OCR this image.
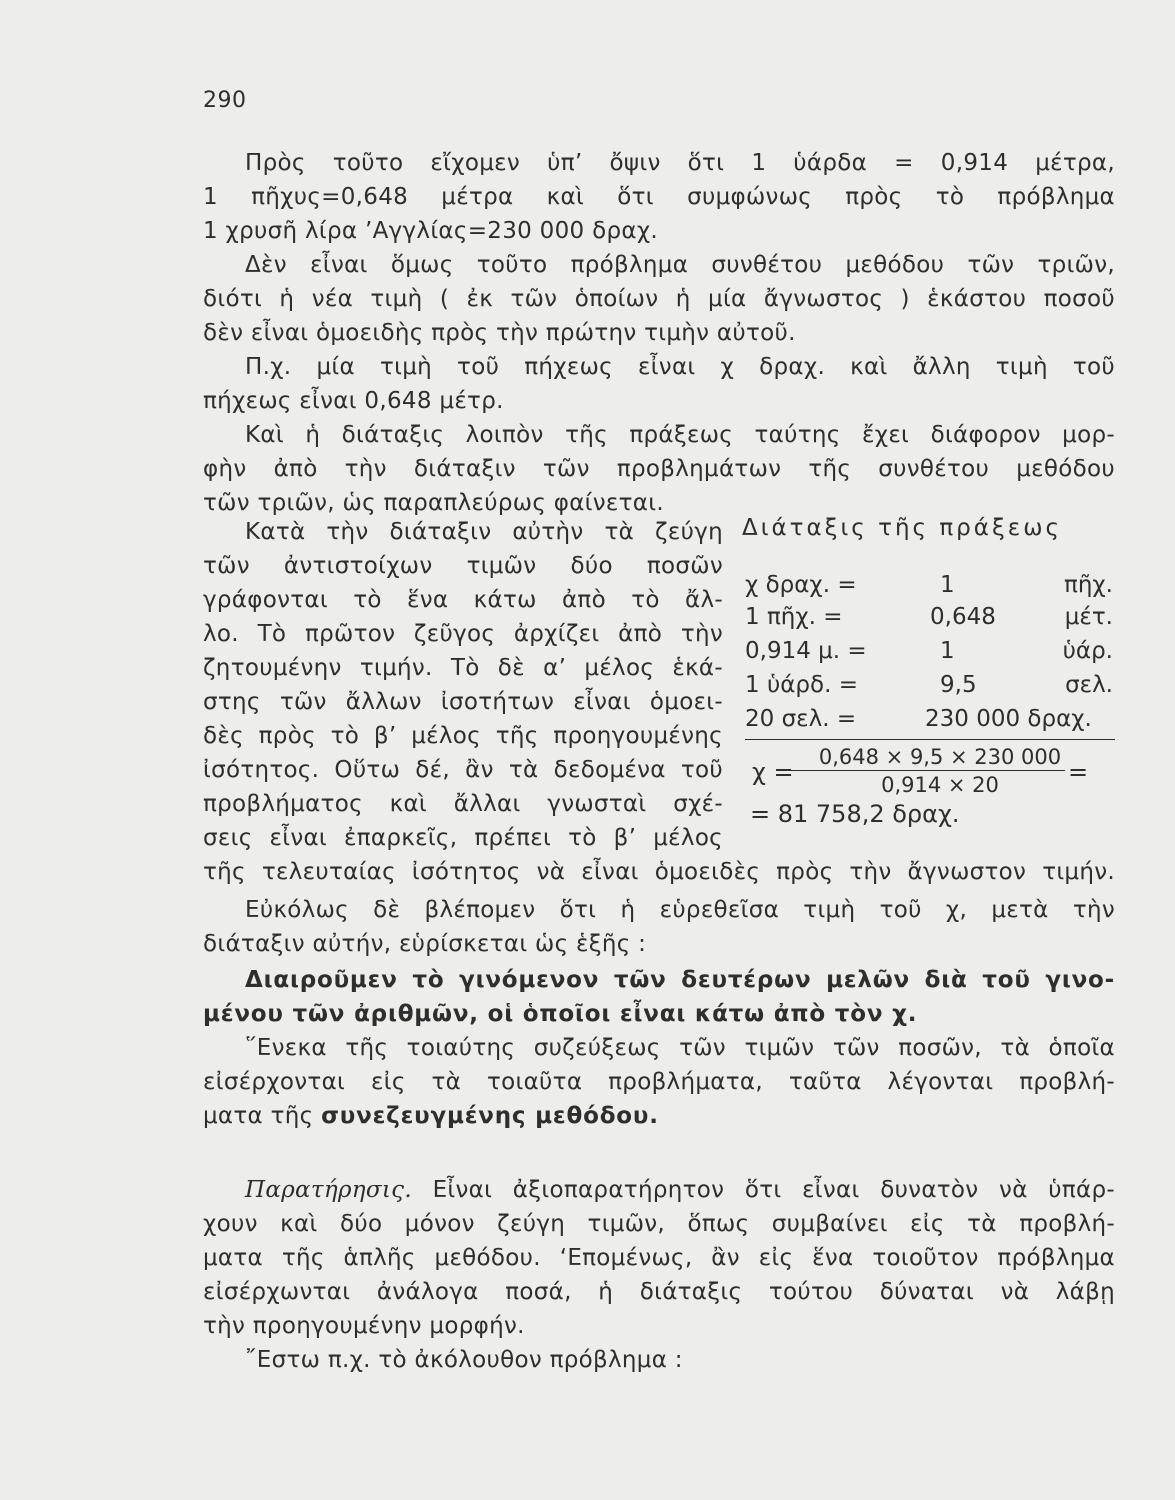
290
Πρὸς τοῦτο εἴχομεν ὑπ’ ὄψιν ὅτι 1 ὑάρδα = 0,914 μέτρα,
1 πῆχυς=0,648 μέτρα καὶ ὅτι συμφώνως πρὸς τὸ πρόβλημα
1 χρυσῆ λίρα ’Αγγλίας=230 000 δραχ.
Δὲν εἶναι ὅμως τοῦτο πρόβλημα συνθέτου μεθόδου τῶν τριῶν,
διότι ἡ νέα τιμὴ ( ἐκ τῶν ὁποίων ἡ μία ἄγνωστος ) ἑκάστου ποσοῦ
δὲν εἶναι ὁμοειδὴς πρὸς τὴν πρώτην τιμὴν αὐτοῦ.
Π.χ. μία τιμὴ τοῦ πήχεως εἶναι χ δραχ. καὶ ἄλλη τιμὴ τοῦ
πήχεως εἶναι 0,648 μέτρ.
Καὶ ἡ διάταξις λοιπὸν τῆς πράξεως ταύτης ἔχει διάφορον μορ-
φὴν ἀπὸ τὴν διάταξιν τῶν προβλημάτων τῆς συνθέτου μεθόδου
τῶν τριῶν, ὡς παραπλεύρως φαίνεται.
Κατὰ τὴν διάταξιν αὐτὴν τὰ ζεύγη
τῶν ἀντιστοίχων τιμῶν δύο ποσῶν
γράφονται τὸ ἕνα κάτω ἀπὸ τὸ ἄλ-
λο. Τὸ πρῶτον ζεῦγος ἀρχίζει ἀπὸ τὴν
ζητουμένην τιμήν. Τὸ δὲ α’ μέλος ἑκά-
στης τῶν ἄλλων ἰσοτήτων εἶναι ὁμοει-
δὲς πρὸς τὸ β’ μέλος τῆς προηγουμένης
ἰσότητος. Οὕτω δέ, ἂν τὰ δεδομένα τοῦ
προβλήματος καὶ ἄλλαι γνωσταὶ σχέ-
σεις εἶναι ἐπαρκεῖς, πρέπει τὸ β’ μέλος
τῆς τελευταίας ἰσότητος νὰ εἶναι ὁμοειδὲς πρὸς τὴν ἄγνωστον τιμήν.
Διάταξις τῆς πράξεως
χ δραχ. =	1	πῆχ.
1 πῆχ. =	0,648	μέτ.
0,914 μ. =	1	ὑάρ.
1 ὑάρδ. =	9,5	σελ.
20 σελ. =	230 000 δραχ.
χ =
0,648 × 9,5 × 230 000
0,914 × 20	=
= 81 758,2 δραχ.
Εὐκόλως δὲ βλέπομεν ὅτι ἡ εὑρεθεῖσα τιμὴ τοῦ χ, μετὰ τὴν
διάταξιν αὐτήν, εὑρίσκεται ὡς ἑξῆς :
Διαιροῦμεν τὸ γινόμενον τῶν δευτέρων μελῶν διὰ τοῦ γινο-
μένου τῶν ἀριθμῶν, οἱ ὁποῖοι εἶναι κάτω ἀπὸ τὸν χ.
῞Ενεκα τῆς τοιαύτης συζεύξεως τῶν τιμῶν τῶν ποσῶν, τὰ ὁποῖα
εἰσέρχονται εἰς τὰ τοιαῦτα προβλήματα, ταῦτα λέγονται προβλή-
ματα τῆς συνεζευγμένης μεθόδου.
Παρατήρησις. Εἶναι ἀξιοπαρατήρητον ὅτι εἶναι δυνατὸν νὰ ὑπάρ-
χουν καὶ δύο μόνον ζεύγη τιμῶν, ὅπως συμβαίνει εἰς τὰ προβλή-
ματα τῆς ἁπλῆς μεθόδου. ‘Επομένως, ἂν εἰς ἕνα τοιοῦτον πρόβλημα
εἰσέρχωνται ἀνάλογα ποσά, ἡ διάταξις τούτου δύναται νὰ λάβῃ
τὴν προηγουμένην μορφήν.
῎Εστω π.χ. τὸ ἀκόλουθον πρόβλημα :
